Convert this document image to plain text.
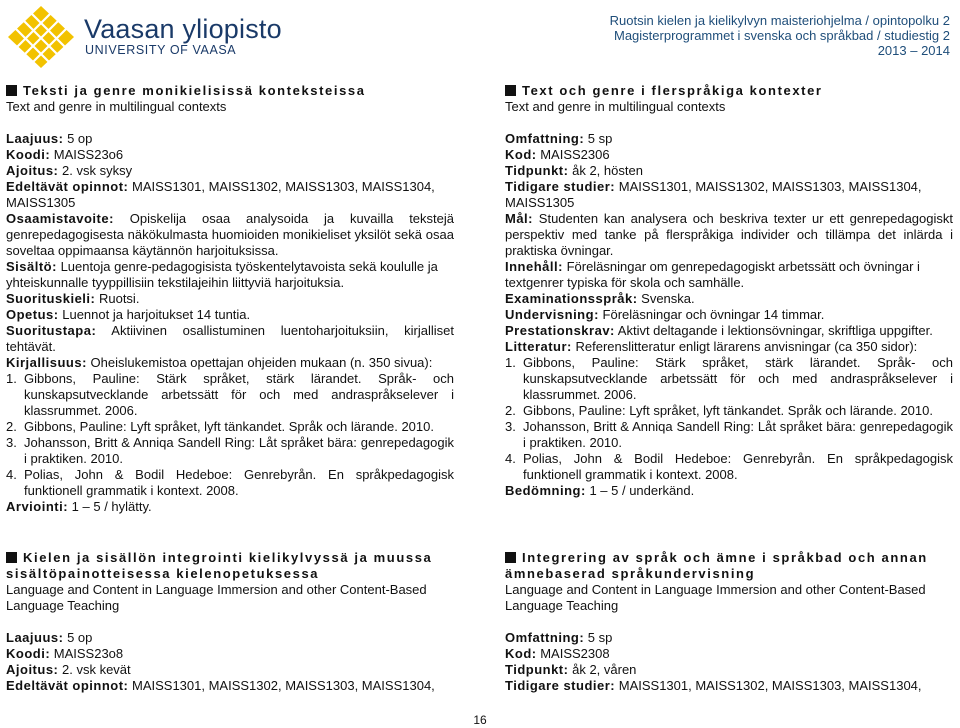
Vaasan yliopisto
UNIVERSITY OF VAASA
Ruotsin kielen ja kielikylvyn maisteriohjelma / opintopolku 2
Magisterprogrammet i svenska och språkbad / studiestig 2
2013 – 2014

Teksti ja genre monikielisissä konteksteissa

Text and genre in multilingual contexts

Laajuus: 5 op

Koodi: MAISS23o6

Ajoitus: 2. vsk syksy

Edeltävät opinnot: MAISS1301, MAISS1302, MAISS1303, MAISS1304, MAISS1305

Osaamistavoite: Opiskelija osaa analysoida ja kuvailla tekstejä genrepedagogisesta näkökulmasta huomioiden monikieliset yksilöt sekä osaa soveltaa oppimaansa käytännön harjoituksissa.

Sisältö: Luentoja genre-pedagogisista työskentelytavoista sekä koululle ja yhteiskunnalle tyyppillisiin tekstilajeihin liittyviä harjoituksia.

Suorituskieli: Ruotsi.

Opetus: Luennot ja harjoitukset 14 tuntia.

Suoritustapa: Aktiivinen osallistuminen luentoharjoituksiin, kirjalliset tehtävät.

Kirjallisuus: Oheislukemistoa opettajan ohjeiden mukaan (n. 350 sivua):

1. Gibbons, Pauline: Stärk språket, stärk lärandet. Språk- och kunskapsutvecklande arbetssätt för och med andraspråkselever i klassrummet. 2006.
2. Gibbons, Pauline: Lyft språket, lyft tänkandet. Språk och lärande. 2010.
3. Johansson, Britt & Anniqa Sandell Ring: Låt språket bära: genrepedagogik i praktiken. 2010.
4. Polias, John & Bodil Hedeboe: Genrebyrån. En språkpedagogisk funktionell grammatik i kontext. 2008.

Arviointi: 1 – 5 / hylätty.

Text och genre i flerspråkiga kontexter

Text and genre in multilingual contexts

Omfattning: 5 sp

Kod: MAISS2306

Tidpunkt: åk 2, hösten

Tidigare studier: MAISS1301, MAISS1302, MAISS1303, MAISS1304, MAISS1305

Mål: Studenten kan analysera och beskriva texter ur ett genrepedagogiskt perspektiv med tanke på flerspråkiga individer och tillämpa det inlärda i praktiska övningar.

Innehåll: Föreläsningar om genrepedagogiskt arbetssätt och övningar i textgenrer typiska för skola och samhälle.

Examinationsspråk: Svenska.

Undervisning: Föreläsningar och övningar 14 timmar.

Prestationskrav: Aktivt deltagande i lektionsövningar, skriftliga uppgifter.

Litteratur: Referenslitteratur enligt lärarens anvisningar (ca 350 sidor):

1. Gibbons, Pauline: Stärk språket, stärk lärandet. Språk- och kunskapsutvecklande arbetssätt för och med andraspråkselever i klassrummet. 2006.
2. Gibbons, Pauline: Lyft språket, lyft tänkandet. Språk och lärande. 2010.
3. Johansson, Britt & Anniqa Sandell Ring: Låt språket bära: genrepedagogik i praktiken. 2010.
4. Polias, John & Bodil Hedeboe: Genrebyrån. En språkpedagogisk funktionell grammatik i kontext. 2008.

Bedömning: 1 – 5 / underkänd.

Kielen ja sisällön integrointi kielikylvyssä ja muussa sisältöpainotteisessa kielenopetuksessa

Language and Content in Language Immersion and other Content-Based Language Teaching

Laajuus: 5 op

Koodi: MAISS23o8

Ajoitus: 2. vsk kevät

Edeltävät opinnot: MAISS1301, MAISS1302, MAISS1303, MAISS1304,

Integrering av språk och ämne i språkbad och annan ämnebaserad språkundervisning

Language and Content in Language Immersion and other Content-Based Language Teaching

Omfattning: 5 sp

Kod: MAISS2308

Tidpunkt: åk 2, våren

Tidigare studier: MAISS1301, MAISS1302, MAISS1303, MAISS1304,

16
